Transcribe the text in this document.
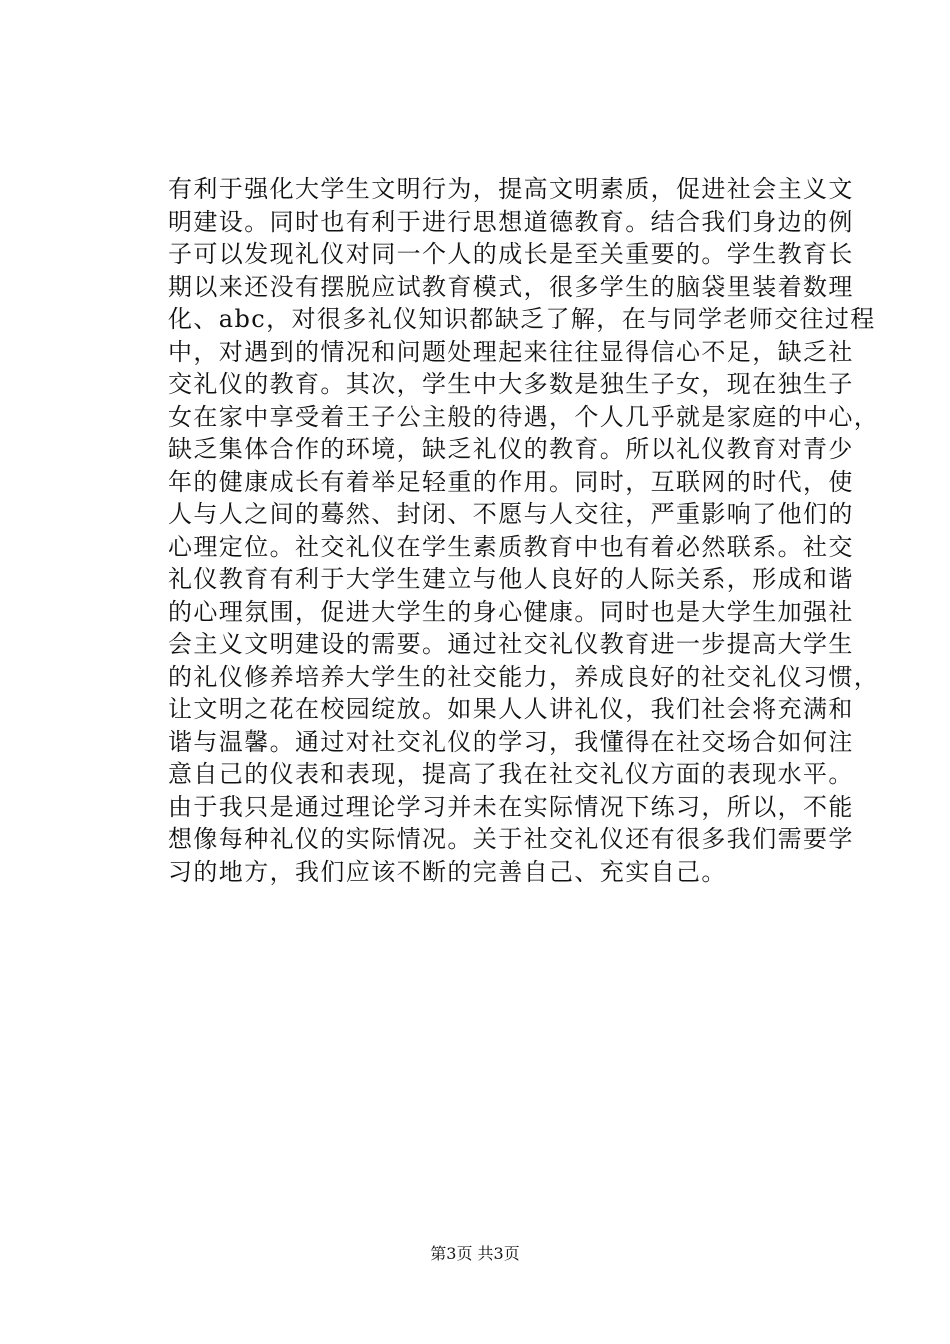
有利于强化大学生文明行为，提高文明素质，促进社会主义文
明建设。同时也有利于进行思想道德教育。结合我们身边的例
子可以发现礼仪对同一个人的成长是至关重要的。学生教育长
期以来还没有摆脱应试教育模式，很多学生的脑袋里装着数理
化、abc，对很多礼仪知识都缺乏了解，在与同学老师交往过程
中，对遇到的情况和问题处理起来往往显得信心不足，缺乏社
交礼仪的教育。其次，学生中大多数是独生子女，现在独生子
女在家中享受着王子公主般的待遇，个人几乎就是家庭的中心，
缺乏集体合作的环境，缺乏礼仪的教育。所以礼仪教育对青少
年的健康成长有着举足轻重的作用。同时，互联网的时代，使
人与人之间的蓦然、封闭、不愿与人交往，严重影响了他们的
心理定位。社交礼仪在学生素质教育中也有着必然联系。社交
礼仪教育有利于大学生建立与他人良好的人际关系，形成和谐
的心理氛围，促进大学生的身心健康。同时也是大学生加强社
会主义文明建设的需要。通过社交礼仪教育进一步提高大学生
的礼仪修养培养大学生的社交能力，养成良好的社交礼仪习惯，
让文明之花在校园绽放。如果人人讲礼仪，我们社会将充满和
谐与温馨。通过对社交礼仪的学习，我懂得在社交场合如何注
意自己的仪表和表现，提高了我在社交礼仪方面的表现水平。
由于我只是通过理论学习并未在实际情况下练习，所以，不能
想像每种礼仪的实际情况。关于社交礼仪还有很多我们需要学
习的地方，我们应该不断的完善自己、充实自己。
第3页 共3页
